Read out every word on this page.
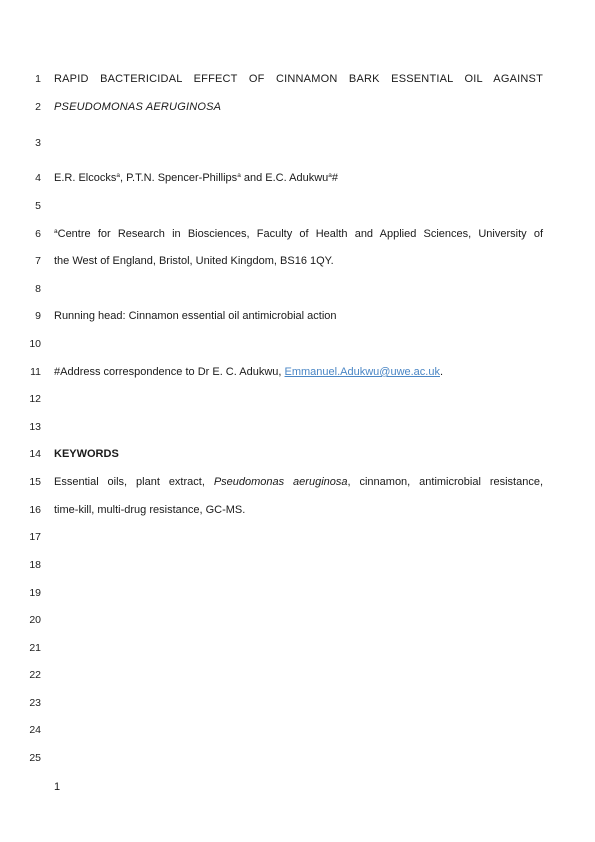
1 RAPID BACTERICIDAL EFFECT OF CINNAMON BARK ESSENTIAL OIL AGAINST
2 PSEUDOMONAS AERUGINOSA
3
4 E.R. Elcocks$^a$, P.T.N. Spencer-Phillips$^a$ and E.C. Adukwu$^a$#
5
6 $^a$Centre for Research in Biosciences, Faculty of Health and Applied Sciences, University of
7 the West of England, Bristol, United Kingdom, BS16 1QY.
8
9 Running head: Cinnamon essential oil antimicrobial action
10
11 #Address correspondence to Dr E. C. Adukwu, Emmanuel.Adukwu@uwe.ac.uk.
12
13
14 KEYWORDS
15 Essential oils, plant extract, Pseudomonas aeruginosa, cinnamon, antimicrobial resistance,
16 time-kill, multi-drug resistance, GC-MS.
17
18
19
20
21
22
23
24
25
1
